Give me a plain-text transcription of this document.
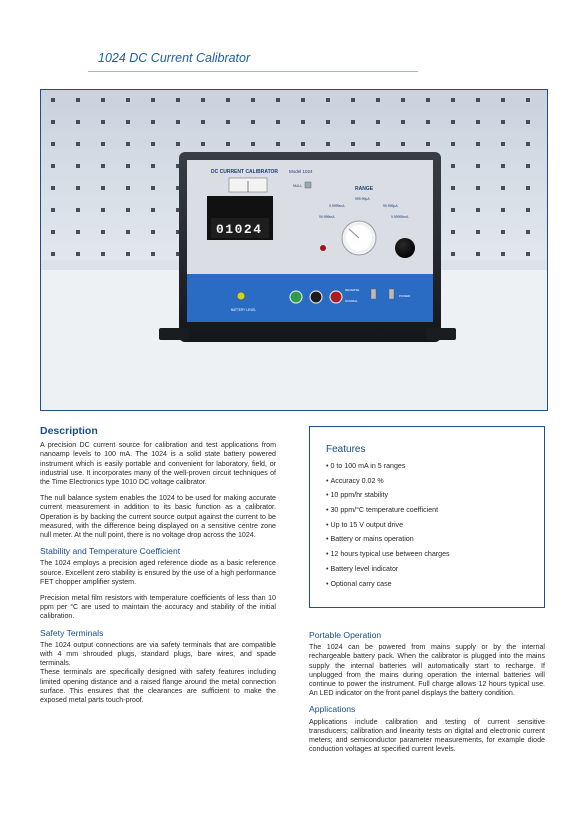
1024 DC Current Calibrator
DC CURRENT CALIBRATOR Model 1024
01024
NULL	RANGE
999.99µA
9.9999mA	99.999µA
99.999mA	0.99999mA
BATTERY LEVEL
REVERSE
NORMAL
POWER
Description

A precision DC current source for calibration and test applications from nanoamp levels to 100 mA. The 1024 is a solid state battery powered instrument which is easily portable and convenient for laboratory, field, or industrial use. It incorporates many of the well-proven circuit techniques of the Time Electronics type 1010 DC voltage calibrator.

The null balance system enables the 1024 to be used for making accurate current measurement in addition to its basic function as a calibrator. Operation is by backing the current source output against the current to be measured, with the difference being displayed on a sensitive centre zone null meter. At the null point, there is no voltage drop across the 1024.

Stability and Temperature Coefficient

The 1024 employs a precision aged reference diode as a basic reference source. Excellent zero stability is ensured by the use of a high performance FET chopper amplifier system.

Precision metal film resistors with temperature coefficients of less than 10 ppm per °C are used to maintain the accuracy and stability of the initial calibration.

Safety Terminals

The 1024 output connections are via safety terminals that are compatible with 4 mm shrouded plugs, standard plugs, bare wires, and spade terminals.
These terminals are specifically designed with safety features including limited opening distance and a raised flange around the metal connection surface. This ensures that the clearances are sufficient to make the exposed metal parts touch-proof.

Features
• 0 to 100 mA in 5 ranges
• Accuracy 0.02 %
• 10 ppm/hr stability
• 30 ppm/°C temperature coefficient
• Up to 15 V output drive
• Battery or mains operation
• 12 hours typical use between charges
• Battery level indicator
• Optional carry case
Portable Operation

The 1024 can be powered from mains supply or by the internal rechargeable battery pack. When the calibrator is plugged into the mains supply the internal batteries will automatically start to recharge. If unplugged from the mains during operation the internal batteries will continue to power the instrument. Full charge allows 12 hours typical use. An LED indicator on the front panel displays the battery condition.

Applications

Applications include calibration and testing of current sensitive transducers; calibration and linearity tests on digital and electronic current meters; and semiconductor parameter measurements, for example diode conduction voltages at specified current levels.
